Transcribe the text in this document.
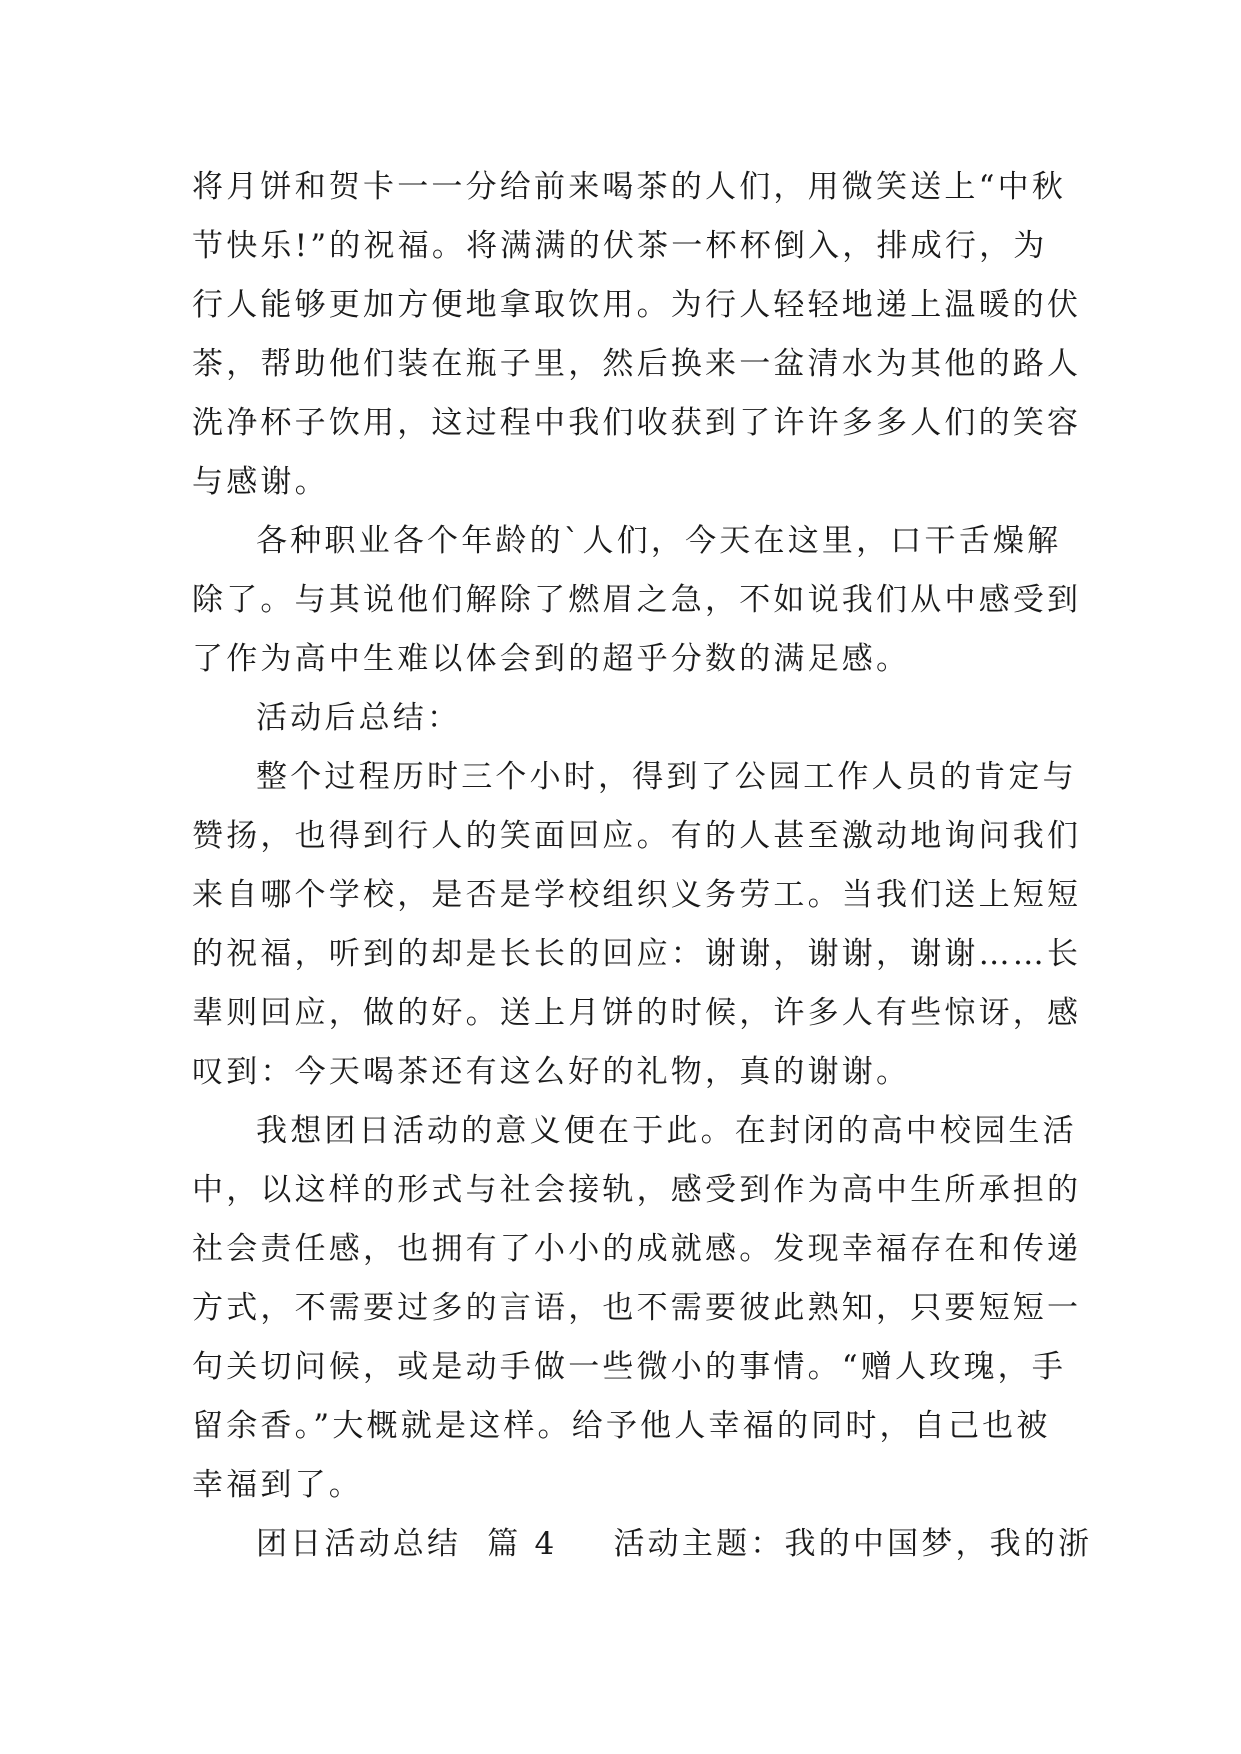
将月饼和贺卡一一分给前来喝茶的人们，用微笑送上“中秋
节快乐!”的祝福。将满满的伏茶一杯杯倒入，排成行，为
行人能够更加方便地拿取饮用。为行人轻轻地递上温暖的伏
茶，帮助他们装在瓶子里，然后换来一盆清水为其他的路人
洗净杯子饮用，这过程中我们收获到了许许多多人们的笑容
与感谢。
各种职业各个年龄的`人们，今天在这里，口干舌燥解
除了。与其说他们解除了燃眉之急，不如说我们从中感受到
了作为高中生难以体会到的超乎分数的满足感。
活动后总结：
整个过程历时三个小时，得到了公园工作人员的肯定与
赞扬，也得到行人的笑面回应。有的人甚至激动地询问我们
来自哪个学校，是否是学校组织义务劳工。当我们送上短短
的祝福，听到的却是长长的回应：谢谢，谢谢，谢谢……长
辈则回应，做的好。送上月饼的时候，许多人有些惊讶，感
叹到：今天喝茶还有这么好的礼物，真的谢谢。
我想团日活动的意义便在于此。在封闭的高中校园生活
中，以这样的形式与社会接轨，感受到作为高中生所承担的
社会责任感，也拥有了小小的成就感。发现幸福存在和传递
方式，不需要过多的言语，也不需要彼此熟知，只要短短一
句关切问候，或是动手做一些微小的事情。“赠人玫瑰，手
留余香。”大概就是这样。给予他人幸福的同时，自己也被
幸福到了。
团日活动总结  篇 4 活动主题：我的中国梦，我的浙
